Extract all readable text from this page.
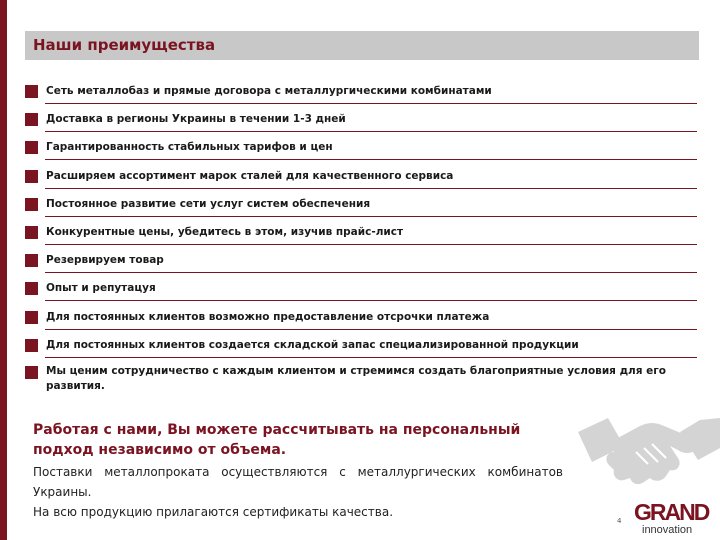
Наши преимущества
Сеть металлобаз и прямые договора с металлургическими комбинатами
Доставка в регионы Украины в течении 1-3 дней
Гарантированность стабильных тарифов и цен
Расширяем ассортимент марок сталей для качественного сервиса
Постоянное развитие сети услуг систем обеспечения
Конкурентные цены, убедитесь в этом, изучив прайс-лист
Резервируем товар
Опыт и репутацyя
Для постоянных клиентов возможно предоставление отсрочки платежа
Для постоянных клиентов создается складской запас специализированной продукции
Мы ценим сотрудничество с каждым клиентом и стремимся создать благоприятные условия для его развития.
Работая с нами, Вы можете рассчитывать на персональный подход независимо от объема.
Поставки металлопроката осуществляются с металлургических комбинатов Украины.
На всю продукцию прилагаются сертификаты качества.
4 GRAND
innovation
